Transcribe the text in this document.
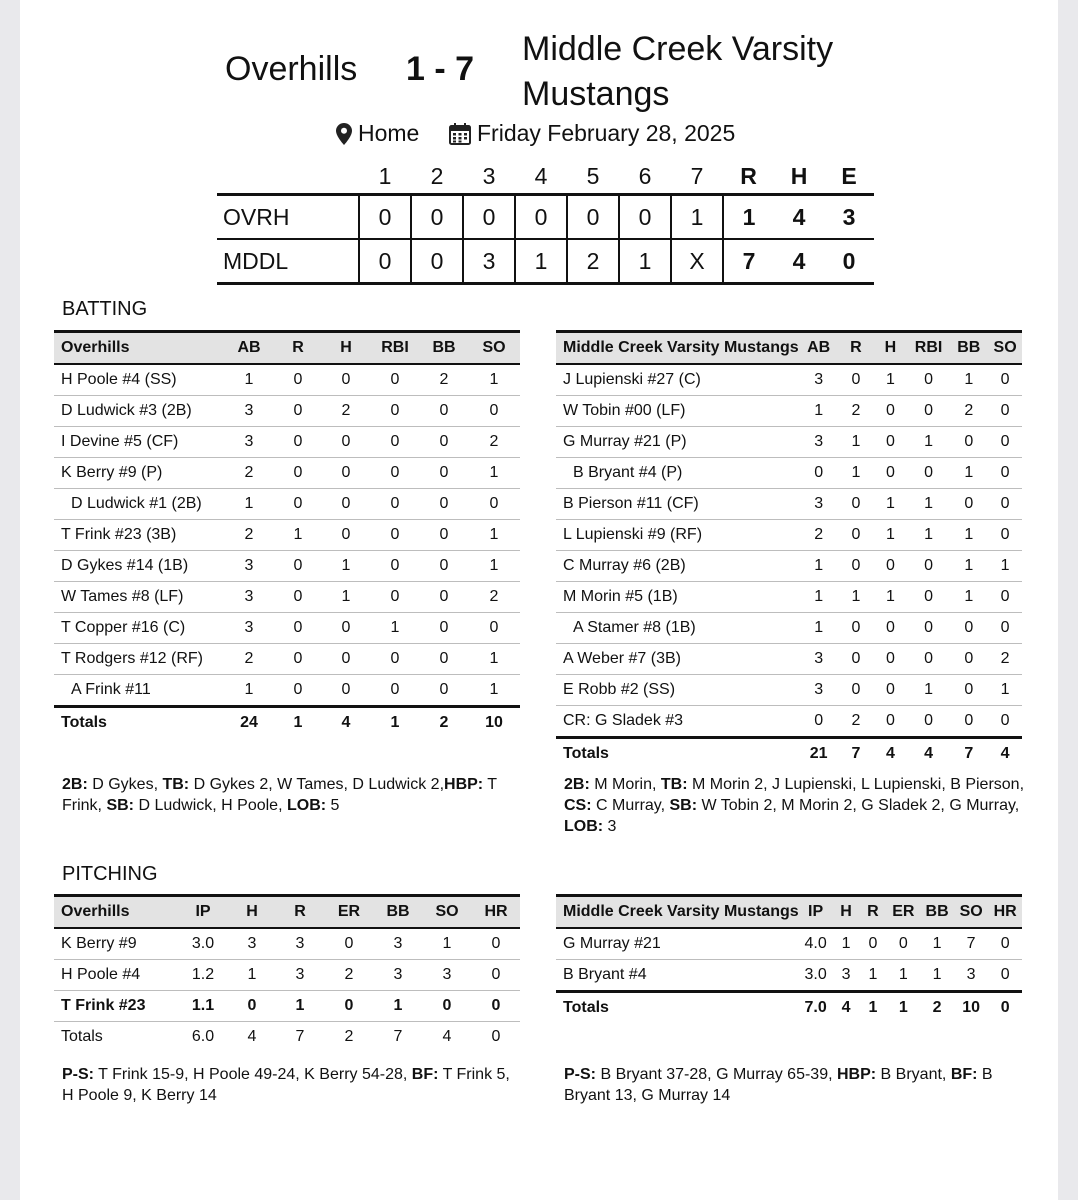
Overhills 1 - 7
Middle Creek Varsity Mustangs
Home	Friday February 28, 2025
	1	2	3	4	5	6	7	R	H	E
OVRH	0	0	0	0	0	0	1	1	4	3
MDDL	0	0	3	1	2	1	X	7	4	0
BATTING
Overhills	AB	R	H	RBI	BB	SO
H Poole #4 (SS)	1	0	0	0	2	1
D Ludwick #3 (2B)	3	0	2	0	0	0
I Devine #5 (CF)	3	0	0	0	0	2
K Berry #9 (P)	2	0	0	0	0	1
D Ludwick #1 (2B)	1	0	0	0	0	0
T Frink #23 (3B)	2	1	0	0	0	1
D Gykes #14 (1B)	3	0	1	0	0	1
W Tames #8 (LF)	3	0	1	0	0	2
T Copper #16 (C)	3	0	0	1	0	0
T Rodgers #12 (RF)	2	0	0	0	0	1
A Frink #11	1	0	0	0	0	1
Totals	24	1	4	1	2	10
Middle Creek Varsity Mustangs	AB	R	H	RBI	BB	SO
J Lupienski #27 (C)	3	0	1	0	1	0
W Tobin #00 (LF)	1	2	0	0	2	0
G Murray #21 (P)	3	1	0	1	0	0
B Bryant #4 (P)	0	1	0	0	1	0
B Pierson #11 (CF)	3	0	1	1	0	0
L Lupienski #9 (RF)	2	0	1	1	1	0
C Murray #6 (2B)	1	0	0	0	1	1
M Morin #5 (1B)	1	1	1	0	1	0
A Stamer #8 (1B)	1	0	0	0	0	0
A Weber #7 (3B)	3	0	0	0	0	2
E Robb #2 (SS)	3	0	0	1	0	1
CR: G Sladek #3	0	2	0	0	0	0
Totals	21	7	4	4	7	4
2B: D Gykes, TB: D Gykes 2, W Tames, D Ludwick 2,HBP: T Frink, SB: D Ludwick, H Poole, LOB: 5
2B: M Morin, TB: M Morin 2, J Lupienski, L Lupienski, B Pierson, CS: C Murray, SB: W Tobin 2, M Morin 2, G Sladek 2, G Murray, LOB: 3
PITCHING
Overhills	IP	H	R	ER	BB	SO	HR
K Berry #9	3.0	3	3	0	3	1	0
H Poole #4	1.2	1	3	2	3	3	0
T Frink #23	1.1	0	1	0	1	0	0
Totals	6.0	4	7	2	7	4	0
Middle Creek Varsity Mustangs	IP	H	R	ER	BB	SO	HR
G Murray #21	4.0	1	0	0	1	7	0
B Bryant #4	3.0	3	1	1	1	3	0
Totals	7.0	4	1	1	2	10	0
P-S: T Frink 15-9, H Poole 49-24, K Berry 54-28, BF: T Frink 5, H Poole 9, K Berry 14
P-S: B Bryant 37-28, G Murray 65-39, HBP: B Bryant, BF: B Bryant 13, G Murray 14
